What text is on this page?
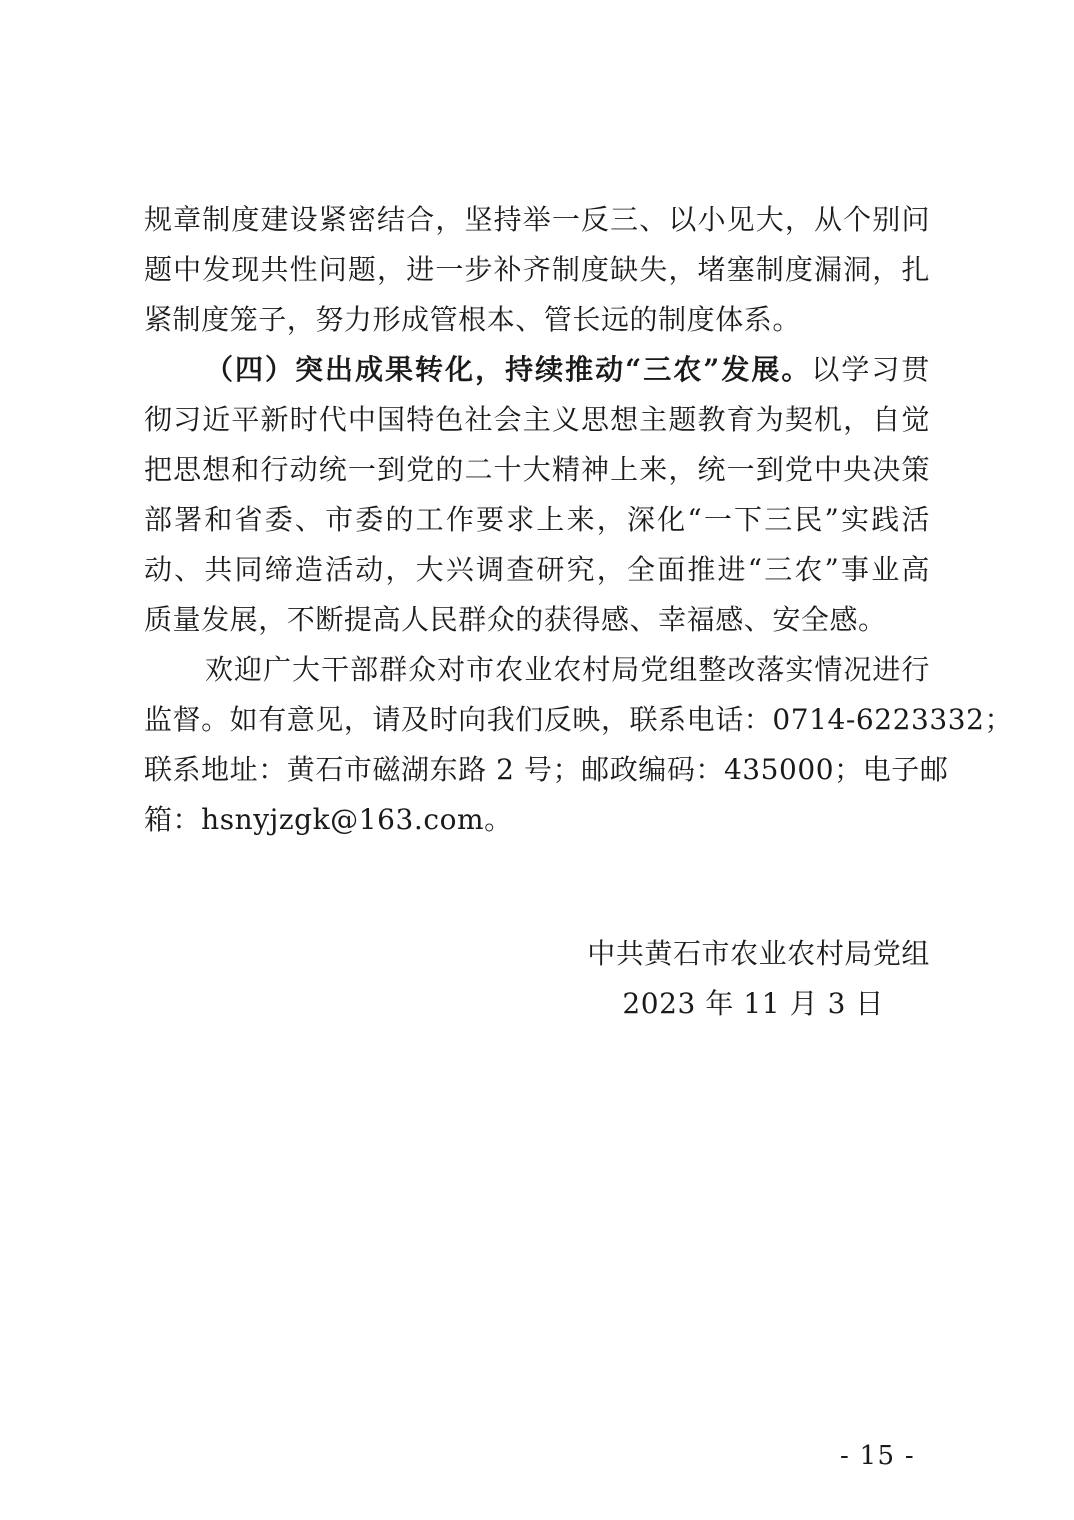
规章制度建设紧密结合，坚持举一反三、以小见大，从个别问
题中发现共性问题，进一步补齐制度缺失，堵塞制度漏洞，扎
紧制度笼子，努力形成管根本、管长远的制度体系。
（四）突出成果转化，持续推动“三农”发展。以学习贯
彻习近平新时代中国特色社会主义思想主题教育为契机，自觉
把思想和行动统一到党的二十大精神上来，统一到党中央决策
部署和省委、市委的工作要求上来，深化“一下三民”实践活
动、共同缔造活动，大兴调查研究，全面推进“三农”事业高
质量发展，不断提高人民群众的获得感、幸福感、安全感。
欢迎广大干部群众对市农业农村局党组整改落实情况进行
监督。如有意见，请及时向我们反映，联系电话：0714-6223332；
联系地址：黄石市磁湖东路 2 号；邮政编码：435000；电子邮
箱：hsnyjzgk@163.com。
中共黄石市农业农村局党组
2023 年 11 月 3 日
- 15 -
